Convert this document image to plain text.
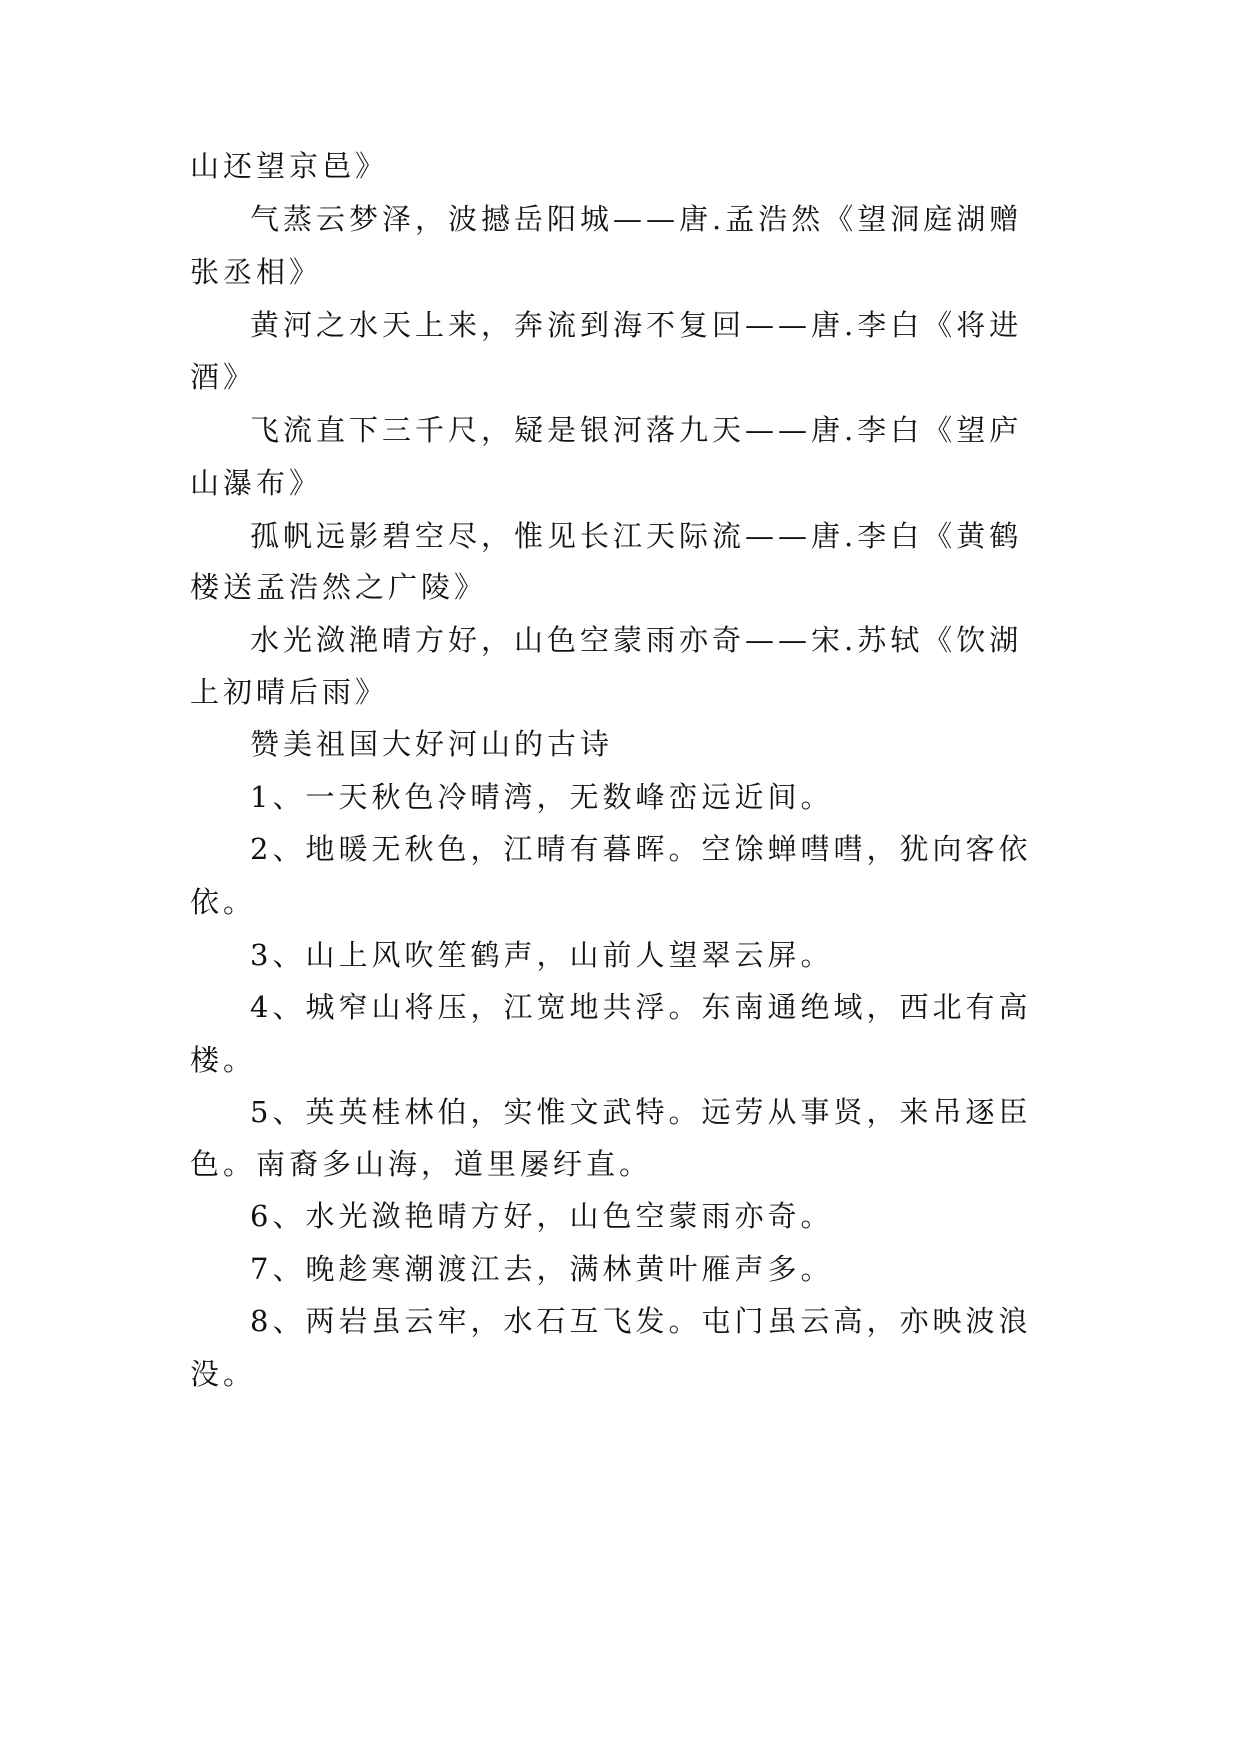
山还望京邑》
气蒸云梦泽，波撼岳阳城——唐.孟浩然《望洞庭湖赠
张丞相》
黄河之水天上来，奔流到海不复回——唐.李白《将进
酒》
飞流直下三千尺，疑是银河落九天——唐.李白《望庐
山瀑布》
孤帆远影碧空尽，惟见长江天际流——唐.李白《黄鹤
楼送孟浩然之广陵》
水光潋滟晴方好，山色空蒙雨亦奇——宋.苏轼《饮湖
上初晴后雨》
赞美祖国大好河山的古诗
1、一天秋色冷晴湾，无数峰峦远近间。
2、地暖无秋色，江晴有暮晖。空馀蝉嘒嘒，犹向客依
依。
3、山上风吹笙鹤声，山前人望翠云屏。
4、城窄山将压，江宽地共浮。东南通绝域，西北有高
楼。
5、英英桂林伯，实惟文武特。远劳从事贤，来吊逐臣
色。南裔多山海，道里屡纡直。
6、水光潋艳晴方好，山色空蒙雨亦奇。
7、晚趁寒潮渡江去，满林黄叶雁声多。
8、两岩虽云牢，水石互飞发。屯门虽云高，亦映波浪
没。
